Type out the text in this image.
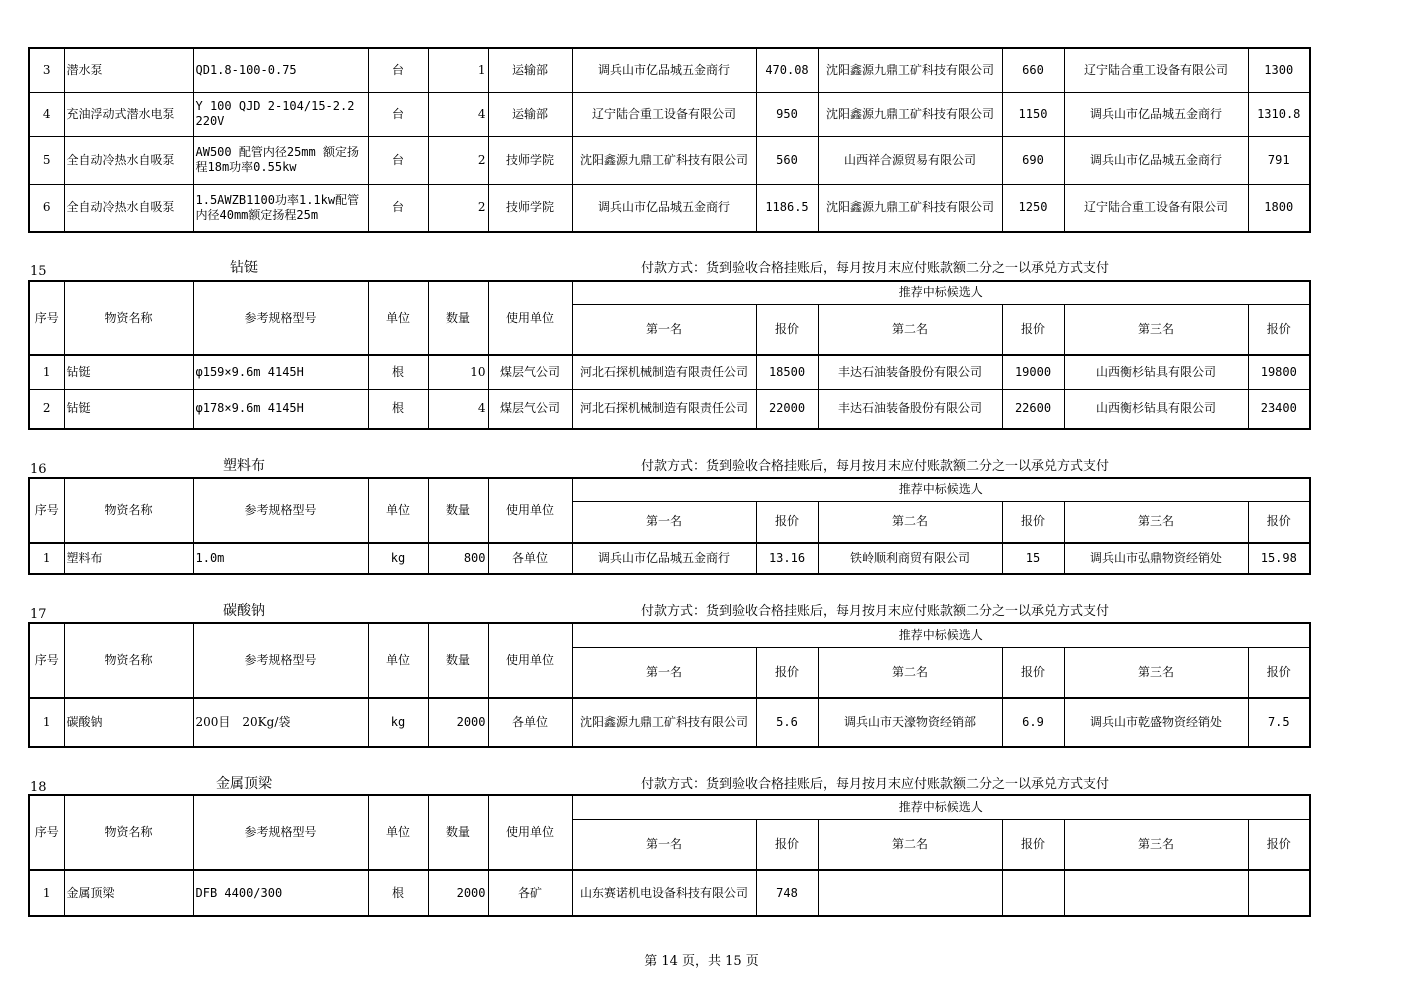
3	潜水泵	QD1.8-100-0.75	台	1	运输部	调兵山市亿品城五金商行	470.08	沈阳鑫源九鼎工矿科技有限公司	660	辽宁陆合重工设备有限公司	1300
4	充油浮动式潜水电泵	Y 100 QJD 2-104/15-2.2 220V	台	4	运输部	辽宁陆合重工设备有限公司	950	沈阳鑫源九鼎工矿科技有限公司	1150	调兵山市亿品城五金商行	1310.8
5	全自动冷热水自吸泵	AW500 配管内径25mm 额定扬程18m功率0.55kw	台	2	技师学院	沈阳鑫源九鼎工矿科技有限公司	560	山西祥合源贸易有限公司	690	调兵山市亿品城五金商行	791
6	全自动冷热水自吸泵	1.5AWZB1100功率1.1kw配管内径40mm额定扬程25m	台	2	技师学院	调兵山市亿品城五金商行	1186.5	沈阳鑫源九鼎工矿科技有限公司	1250	辽宁陆合重工设备有限公司	1800
15	钻铤	付款方式：货到验收合格挂账后，每月按月末应付账款额二分之一以承兑方式支付
序号	物资名称	参考规格型号	单位	数量	使用单位	推荐中标候选人					
						第一名	报价	第二名	报价	第三名	报价
1	钻铤	φ159×9.6m 4145H	根	10	煤层气公司	河北石探机械制造有限责任公司	18500	丰达石油装备股份有限公司	19000	山西衡杉钻具有限公司	19800
2	钻铤	φ178×9.6m 4145H	根	4	煤层气公司	河北石探机械制造有限责任公司	22000	丰达石油装备股份有限公司	22600	山西衡杉钻具有限公司	23400
16	塑料布	付款方式：货到验收合格挂账后，每月按月末应付账款额二分之一以承兑方式支付
序号	物资名称	参考规格型号	单位	数量	使用单位	推荐中标候选人					
						第一名	报价	第二名	报价	第三名	报价
1	塑料布	1.0m	kg	800	各单位	调兵山市亿品城五金商行	13.16	铁岭顺利商贸有限公司	15	调兵山市弘鼎物资经销处	15.98
17	碳酸钠	付款方式：货到验收合格挂账后，每月按月末应付账款额二分之一以承兑方式支付
序号	物资名称	参考规格型号	单位	数量	使用单位	推荐中标候选人					
						第一名	报价	第二名	报价	第三名	报价
1	碳酸钠	200目　20Kg/袋	kg	2000	各单位	沈阳鑫源九鼎工矿科技有限公司	5.6	调兵山市天濠物资经销部	6.9	调兵山市乾盛物资经销处	7.5
18	金属顶梁	付款方式：货到验收合格挂账后，每月按月末应付账款额二分之一以承兑方式支付
序号	物资名称	参考规格型号	单位	数量	使用单位	推荐中标候选人					
						第一名	报价	第二名	报价	第三名	报价
1	金属顶梁	DFB 4400/300	根	2000	各矿	山东赛诺机电设备科技有限公司	748				
第 14 页，共 15 页
